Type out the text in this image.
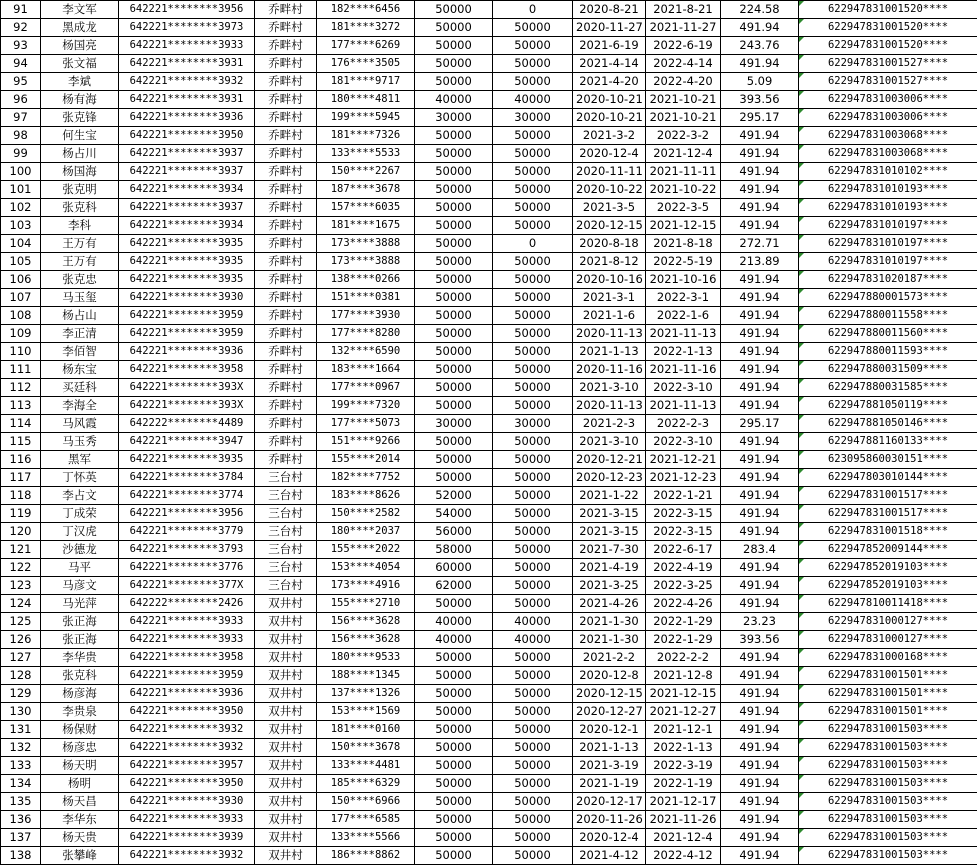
91	李文军	642221********3956	乔畔村	182****6456	50000	0	2020-8-21	2021-8-21	224.58	622947831001520****
92	黑成龙	642221********3973	乔畔村	181****3272	50000	50000	2020-11-27	2021-11-27	491.94	622947831001520****
93	杨国亮	642221********3933	乔畔村	177****6269	50000	50000	2021-6-19	2022-6-19	243.76	622947831001520****
94	张文福	642221********3931	乔畔村	176****3505	50000	50000	2021-4-14	2022-4-14	491.94	622947831001527****
95	李斌	642221********3932	乔畔村	181****9717	50000	50000	2021-4-20	2022-4-20	5.09	622947831001527****
96	杨有海	642221********3931	乔畔村	180****4811	40000	40000	2020-10-21	2021-10-21	393.56	622947831003006****
97	张克锋	642221********3936	乔畔村	199****5945	30000	30000	2020-10-21	2021-10-21	295.17	622947831003006****
98	何生宝	642221********3950	乔畔村	181****7326	50000	50000	2021-3-2	2022-3-2	491.94	622947831003068****
99	杨占川	642221********3937	乔畔村	133****5533	50000	50000	2020-12-4	2021-12-4	491.94	622947831003068****
100	杨国海	642221********3937	乔畔村	150****2267	50000	50000	2020-11-11	2021-11-11	491.94	622947831010102****
101	张克明	642221********3934	乔畔村	187****3678	50000	50000	2020-10-22	2021-10-22	491.94	622947831010193****
102	张克科	642221********3937	乔畔村	157****6035	50000	50000	2021-3-5	2022-3-5	491.94	622947831010193****
103	李科	642221********3934	乔畔村	181****1675	50000	50000	2020-12-15	2021-12-15	491.94	622947831010197****
104	王万有	642221********3935	乔畔村	173****3888	50000	0	2020-8-18	2021-8-18	272.71	622947831010197****
105	王万有	642221********3935	乔畔村	173****3888	50000	50000	2021-8-12	2022-5-19	213.89	622947831010197****
106	张克忠	642221********3935	乔畔村	138****0266	50000	50000	2020-10-16	2021-10-16	491.94	622947831020187****
107	马玉玺	642221********3930	乔畔村	151****0381	50000	50000	2021-3-1	2022-3-1	491.94	622947880001573****
108	杨占山	642221********3959	乔畔村	177****3930	50000	50000	2021-1-6	2022-1-6	491.94	622947880011558****
109	李正清	642221********3959	乔畔村	177****8280	50000	50000	2020-11-13	2021-11-13	491.94	622947880011560****
110	李佰智	642221********3936	乔畔村	132****6590	50000	50000	2021-1-13	2022-1-13	491.94	622947880011593****
111	杨东宝	642221********3958	乔畔村	183****1664	50000	50000	2020-11-16	2021-11-16	491.94	622947880031509****
112	买廷科	642221********393X	乔畔村	177****0967	50000	50000	2021-3-10	2022-3-10	491.94	622947880031585****
113	李海全	642221********393X	乔畔村	199****7320	50000	50000	2020-11-13	2021-11-13	491.94	622947881050119****
114	马风霞	642222********4489	乔畔村	177****5073	30000	30000	2021-2-3	2022-2-3	295.17	622947881050146****
115	马玉秀	642221********3947	乔畔村	151****9266	50000	50000	2021-3-10	2022-3-10	491.94	622947881160133****
116	黑军	642221********3935	乔畔村	155****2014	50000	50000	2020-12-21	2021-12-21	491.94	623095860030151****
117	丁怀英	642221********3784	三台村	182****7752	50000	50000	2020-12-23	2021-12-23	491.94	622947803010144****
118	李占文	642221********3774	三台村	183****8626	52000	50000	2021-1-22	2022-1-21	491.94	622947831001517****
119	丁成荣	642221********3956	三台村	150****2582	54000	50000	2021-3-15	2022-3-15	491.94	622947831001517****
120	丁汉虎	642221********3779	三台村	180****2037	56000	50000	2021-3-15	2022-3-15	491.94	622947831001518****
121	沙德龙	642221********3793	三台村	155****2022	58000	50000	2021-7-30	2022-6-17	283.4	622947852009144****
122	马平	642221********3776	三台村	153****4054	60000	50000	2021-4-19	2022-4-19	491.94	622947852019103****
123	马彦文	642221********377X	三台村	173****4916	62000	50000	2021-3-25	2022-3-25	491.94	622947852019103****
124	马光萍	642222********2426	双井村	155****2710	50000	50000	2021-4-26	2022-4-26	491.94	622947810011418****
125	张正海	642221********3933	双井村	156****3628	40000	40000	2021-1-30	2022-1-29	23.23	622947831000127****
126	张正海	642221********3933	双井村	156****3628	40000	40000	2021-1-30	2022-1-29	393.56	622947831000127****
127	李华贵	642221********3958	双井村	180****9533	50000	50000	2021-2-2	2022-2-2	491.94	622947831000168****
128	张克科	642221********3959	双井村	188****1345	50000	50000	2020-12-8	2021-12-8	491.94	622947831001501****
129	杨彦海	642221********3936	双井村	137****1326	50000	50000	2020-12-15	2021-12-15	491.94	622947831001501****
130	李贵泉	642221********3950	双井村	153****1569	50000	50000	2020-12-27	2021-12-27	491.94	622947831001501****
131	杨保财	642221********3932	双井村	181****0160	50000	50000	2020-12-1	2021-12-1	491.94	622947831001503****
132	杨彦忠	642221********3932	双井村	150****3678	50000	50000	2021-1-13	2022-1-13	491.94	622947831001503****
133	杨天明	642221********3957	双井村	133****4481	50000	50000	2021-3-19	2022-3-19	491.94	622947831001503****
134	杨明	642221********3950	双井村	185****6329	50000	50000	2021-1-19	2022-1-19	491.94	622947831001503****
135	杨天昌	642221********3930	双井村	150****6966	50000	50000	2020-12-17	2021-12-17	491.94	622947831001503****
136	李华东	642221********3933	双井村	177****6585	50000	50000	2020-11-26	2021-11-26	491.94	622947831001503****
137	杨天贵	642221********3939	双井村	133****5566	50000	50000	2020-12-4	2021-12-4	491.94	622947831001503****
138	张攀峰	642221********3932	双井村	186****8862	50000	50000	2021-4-12	2022-4-12	491.94	622947831001503****
